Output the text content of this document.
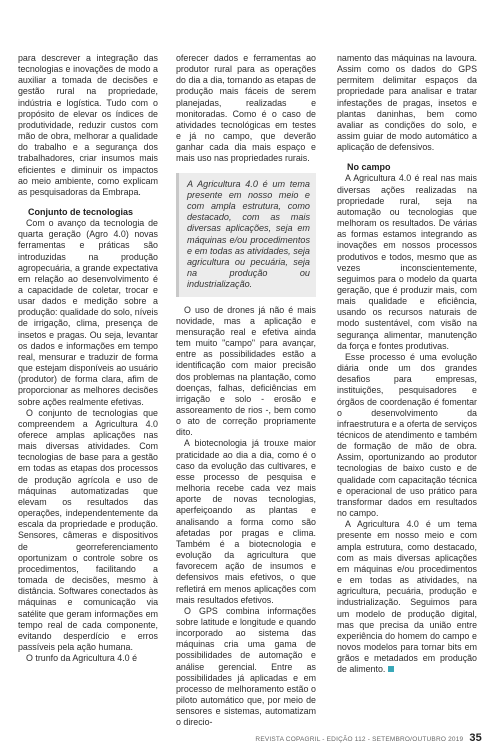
para descrever a integração das tecnologias e inovações de modo a auxiliar a tomada de decisões e gestão rural na propriedade, indústria e logística. Tudo com o propósito de elevar os índices de produtividade, reduzir custos com mão de obra, melhorar a qualidade do trabalho e a segurança dos trabalhadores, criar insumos mais eficientes e diminuir os impactos ao meio ambiente, como explicam as pesquisadoras da Embrapa.

Conjunto de tecnologias

Com o avanço da tecnologia de quarta geração (Agro 4.0) novas ferramentas e práticas são introduzidas na produção agropecuária, a grande expectativa em relação ao desenvolvimento é a capacidade de coletar, trocar e usar dados e medição sobre a produção: qualidade do solo, níveis de irrigação, clima, presença de insetos e pragas. Ou seja, levantar os dados e informações em tempo real, mensurar e traduzir de forma que estejam disponíveis ao usuário (produtor) de forma clara, afim de proporcionar as melhores decisões sobre ações realmente efetivas.

O conjunto de tecnologias que compreendem a Agricultura 4.0 oferece amplas aplicações nas mais diversas atividades. Com tecnologias de base para a gestão em todas as etapas dos processos de produção agrícola e uso de máquinas automatizadas que elevam os resultados das operações, independentemente da escala da propriedade e produção. Sensores, câmeras e dispositivos de georreferenciamento oportunizam o controle sobre os procedimentos, facilitando a tomada de decisões, mesmo à distância. Softwares conectados às máquinas e comunicação via satélite que geram informações em tempo real de cada componente, evitando desperdício e erros passíveis pela ação humana.

O trunfo da Agricultura 4.0 é

oferecer dados e ferramentas ao produtor rural para as operações do dia a dia, tornando as etapas de produção mais fáceis de serem planejadas, realizadas e monitoradas. Como é o caso de atividades tecnológicas em testes e já no campo, que deverão ganhar cada dia mais espaço e mais uso nas propriedades rurais.

A Agricultura 4.0 é um tema presente em nosso meio e com ampla estrutura, como destacado, com as mais diversas aplicações, seja em máquinas e/ou procedimentos e em todas as atividades, seja agricultura ou pecuária, seja na produção ou industrialização.

O uso de drones já não é mais novidade, mas a aplicação e mensuração real e efetiva ainda tem muito "campo" para avançar, entre as possibilidades estão a identificação com maior precisão dos problemas na plantação, como doenças, falhas, deficiências em irrigação e solo - erosão e assoreamento de rios -, bem como o ato de correção propriamente dito.

A biotecnologia já trouxe maior praticidade ao dia a dia, como é o caso da evolução das cultivares, e esse processo de pesquisa e melhoria recebe cada vez mais aporte de novas tecnologias, aperfeiçoando as plantas e analisando a forma como são afetadas por pragas e clima. Também é a biotecnologia e evolução da agricultura que favorecem ação de insumos e defensivos mais efetivos, o que refletirá em menos aplicações com mais resultados efetivos.

O GPS combina informações sobre latitude e longitude e quando incorporado ao sistema das máquinas cria uma gama de possibilidades de automação e análise gerencial. Entre as possibilidades já aplicadas e em processo de melhoramento estão o piloto automático que, por meio de sensores e sistemas, automatizam o direcio-

namento das máquinas na lavoura. Assim como os dados do GPS permitem delimitar espaços da propriedade para analisar e tratar infestações de pragas, insetos e plantas daninhas, bem como avaliar as condições do solo, e assim guiar de modo automático a aplicação de defensivos.

No campo

A Agricultura 4.0 é real nas mais diversas ações realizadas na propriedade rural, seja na automação ou tecnologias que melhoram os resultados. De várias as formas estamos integrando as inovações em nossos processos produtivos e todos, mesmo que as vezes inconscientemente, seguimos para o modelo da quarta geração, que é produzir mais, com mais qualidade e eficiência, usando os recursos naturais de modo sustentável, com visão na segurança alimentar, manutenção da força e fontes produtivas.

Esse processo é uma evolução diária onde um dos grandes desafios para empresas, instituições, pesquisadores e órgãos de coordenação é fomentar o desenvolvimento da infraestrutura e a oferta de serviços técnicos de atendimento e também de formação de mão de obra. Assim, oportunizando ao produtor tecnologias de baixo custo e de qualidade com capacitação técnica e operacional de uso prático para transformar dados em resultados no campo.

A Agricultura 4.0 é um tema presente em nosso meio e com ampla estrutura, como destacado, com as mais diversas aplicações em máquinas e/ou procedimentos e em todas as atividades, na agricultura, pecuária, produção e industrialização. Seguimos para um modelo de produção digital, mas que precisa da união entre experiência do homem do campo e novos modelos para tornar bits em grãos e metadados em produção de alimento.

REVISTA COPAGRIL - EDIÇÃO 112 - SETEMBRO/OUTUBRO 2019 35
